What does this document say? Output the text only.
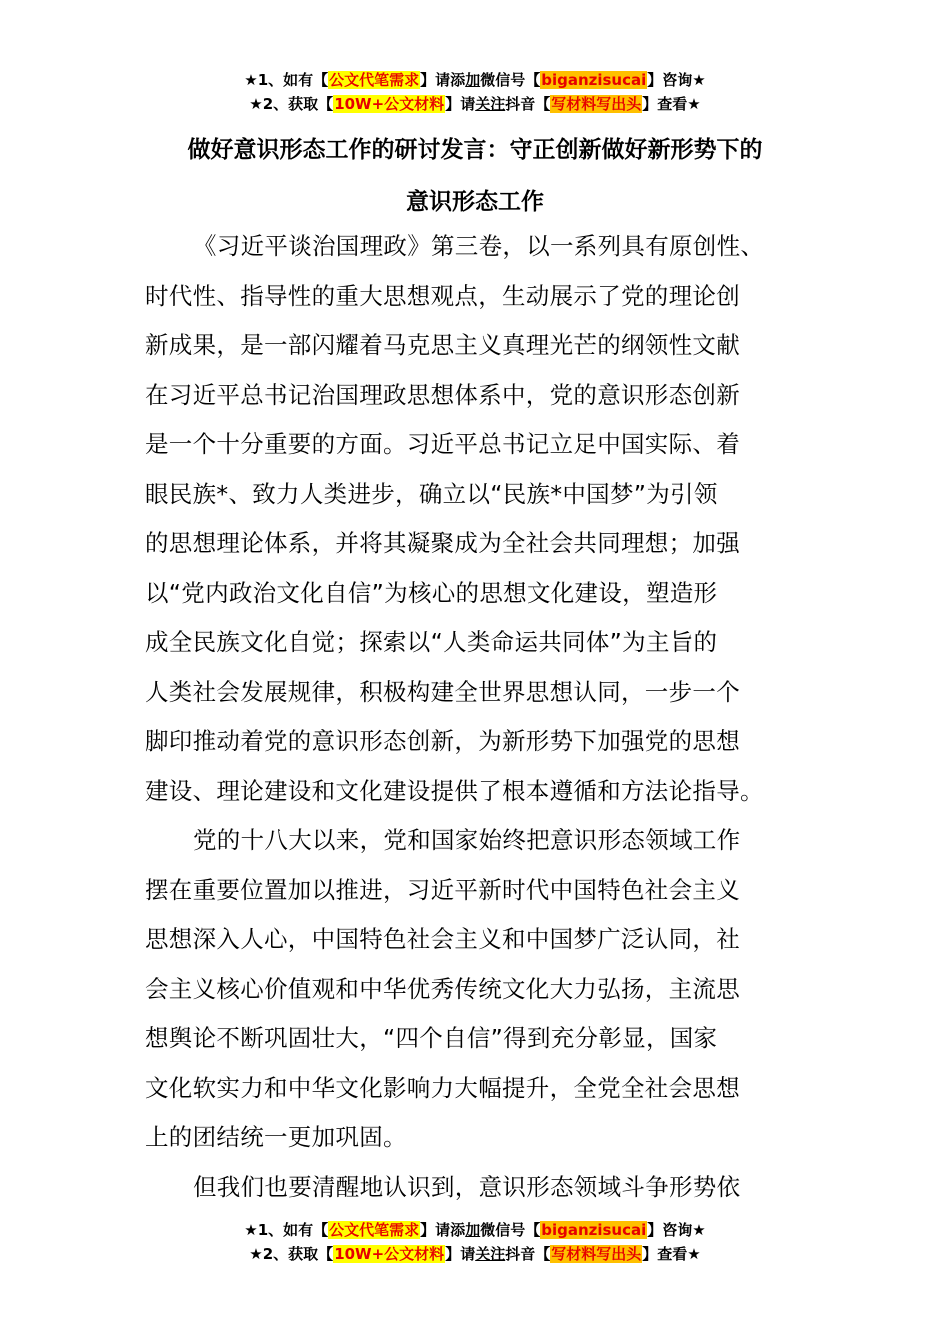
★1、如有【公文代笔需求】请添加微信号【biganzisucai】咨询★
★2、获取【10W+公文材料】请关注抖音【写材料写出头】查看★
做好意识形态工作的研讨发言：守正创新做好新形势下的
意识形态工作

《习近平谈治国理政》第三卷，以一系列具有原创性、
时代性、指导性的重大思想观点，生动展示了党的理论创
新成果，是一部闪耀着马克思主义真理光芒的纲领性文献
在习近平总书记治国理政思想体系中，党的意识形态创新
是一个十分重要的方面。习近平总书记立足中国实际、着
眼民族*、致力人类进步，确立以“民族*中国梦”为引领
的思想理论体系，并将其凝聚成为全社会共同理想；加强
以“党内政治文化自信”为核心的思想文化建设，塑造形
成全民族文化自觉；探索以“人类命运共同体”为主旨的
人类社会发展规律，积极构建全世界思想认同，一步一个
脚印推动着党的意识形态创新，为新形势下加强党的思想
建设、理论建设和文化建设提供了根本遵循和方法论指导。

党的十八大以来，党和国家始终把意识形态领域工作
摆在重要位置加以推进，习近平新时代中国特色社会主义
思想深入人心，中国特色社会主义和中国梦广泛认同，社
会主义核心价值观和中华优秀传统文化大力弘扬，主流思
想舆论不断巩固壮大，“四个自信”得到充分彰显，国家
文化软实力和中华文化影响力大幅提升，全党全社会思想
上的团结统一更加巩固。

但我们也要清醒地认识到，意识形态领域斗争形势依

★1、如有【公文代笔需求】请添加微信号【biganzisucai】咨询★
★2、获取【10W+公文材料】请关注抖音【写材料写出头】查看★
